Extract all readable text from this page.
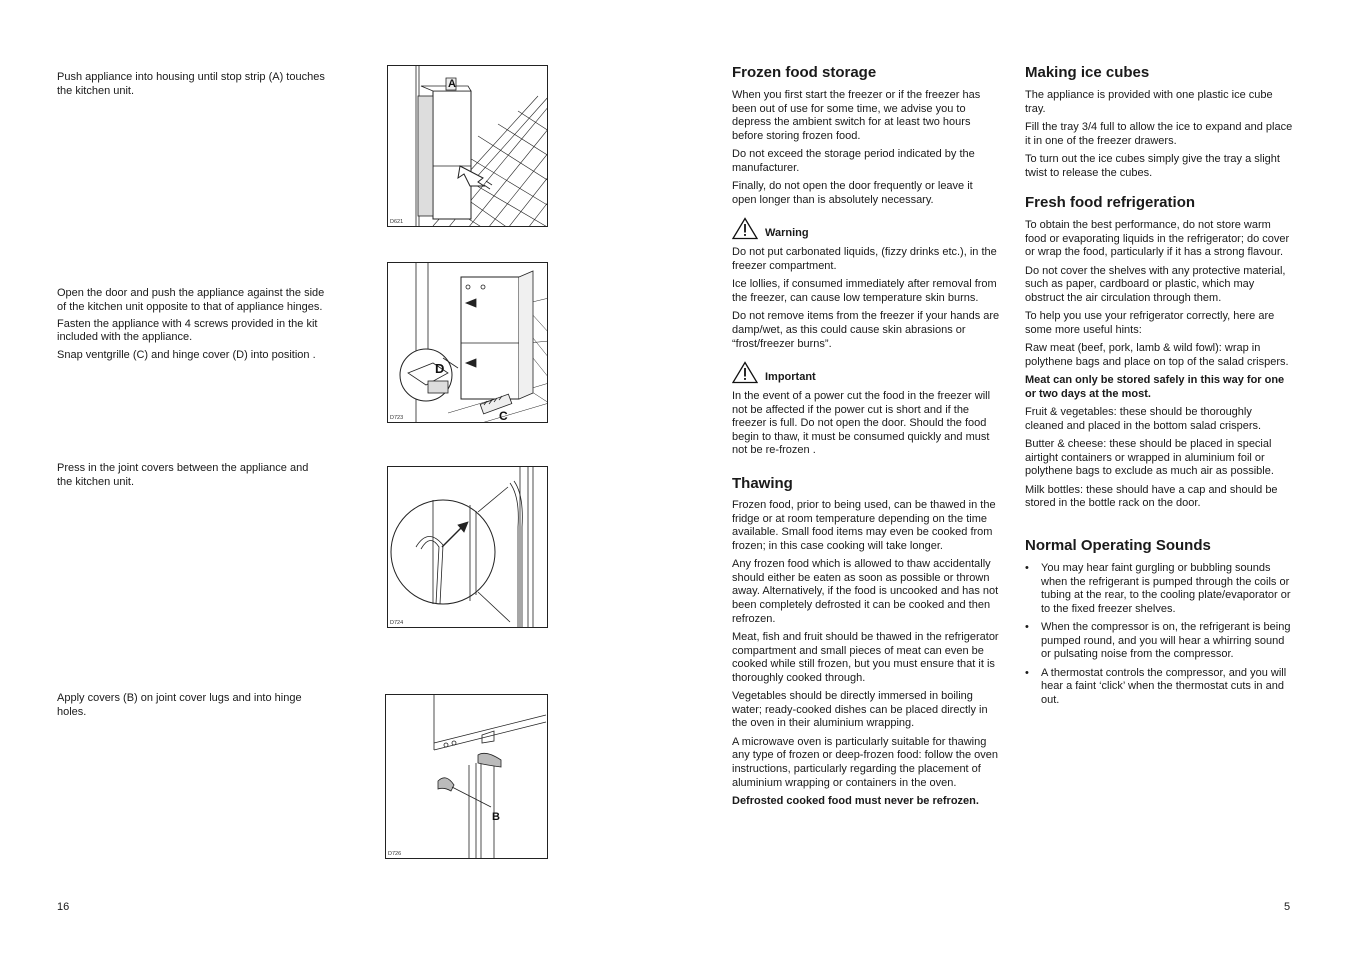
Push appliance into housing until stop strip (A) touches the kitchen unit.

A
D621

Open the door and push the appliance against the side of the kitchen unit opposite to that of appliance hinges.

Fasten the appliance with 4 screws provided in the kit included with the appliance.

Snap ventgrille (C) and hinge cover (D) into position .

D
C
D723

Press in the joint covers between the appliance and the kitchen unit.

D724

Apply covers (B) on joint cover lugs and into hinge holes.

B
D726
16
Frozen food storage

When you first start the freezer or if the freezer has been out of use for some time, we advise you to depress the ambient switch for at least two hours before storing frozen food.

Do not exceed the storage period indicated by the manufacturer.

Finally, do not open the door frequently or leave it open longer than is absolutely necessary.

Warning

Do not put carbonated liquids, (fizzy drinks etc.), in the freezer compartment.

Ice lollies, if consumed immediately after removal from the freezer, can cause low temperature skin burns.

Do not remove items from the freezer if your hands are damp/wet, as this could cause skin abrasions or “frost/freezer burns”.

Important

In the event of a power cut the food in the freezer will not be affected if the power cut is short and if the freezer is full. Do not open the door. Should the food begin to thaw, it must be consumed quickly and must not be re-frozen .

Thawing

Frozen food, prior to being used, can be thawed in the fridge or at room temperature depending on the time available. Small food items may even be cooked from frozen; in this case cooking will take longer.

Any frozen food which is allowed to thaw accidentally should either be eaten as soon as possible or thrown away. Alternatively, if the food is uncooked and has not been completely defrosted it can be cooked and then refrozen.

Meat, fish and fruit should be thawed in the refrigerator compartment and small pieces of meat can even be cooked while still frozen, but you must ensure that it is thoroughly cooked through.

Vegetables should be directly immersed in boiling water; ready-cooked dishes can be placed directly in the oven in their aluminium wrapping.

A microwave oven is particularly suitable for thawing any type of frozen or deep-frozen food: follow the oven instructions, particularly regarding the placement of aluminium wrapping or containers in the oven.

Defrosted cooked food must never be refrozen.

Making ice cubes

The appliance is provided with one plastic ice cube tray.

Fill the tray 3/4 full to allow the ice to expand and place it in one of the freezer drawers.

To turn out the ice cubes simply give the tray a slight twist to release the cubes.

Fresh food refrigeration

To obtain the best performance, do not store warm food or evaporating liquids in the refrigerator; do cover or wrap the food, particularly if it has a strong flavour.

Do not cover the shelves with any protective material, such as paper, cardboard or plastic, which may obstruct the air circulation through them.

To help you use your refrigerator correctly, here are some more useful hints:

Raw meat (beef, pork, lamb & wild fowl): wrap in polythene bags and place on top of the salad crispers.

Meat can only be stored safely in this way for one or two days at the most.

Fruit & vegetables: these should be thoroughly cleaned and placed in the bottom salad crispers.

Butter & cheese: these should be placed in special airtight containers or wrapped in aluminium foil or polythene bags to exclude as much air as possible.

Milk bottles: these should have a cap and should be stored in the bottle rack on the door.

Normal Operating Sounds
• You may hear faint gurgling or bubbling sounds when the refrigerant is pumped through the coils or tubing at the rear, to the cooling plate/evaporator or to the fixed freezer shelves.
• When the compressor is on, the refrigerant is being pumped round, and you will hear a whirring sound or pulsating noise from the compressor.
• A thermostat controls the compressor, and you will hear a faint ‘click’ when the thermostat cuts in and out.
5
